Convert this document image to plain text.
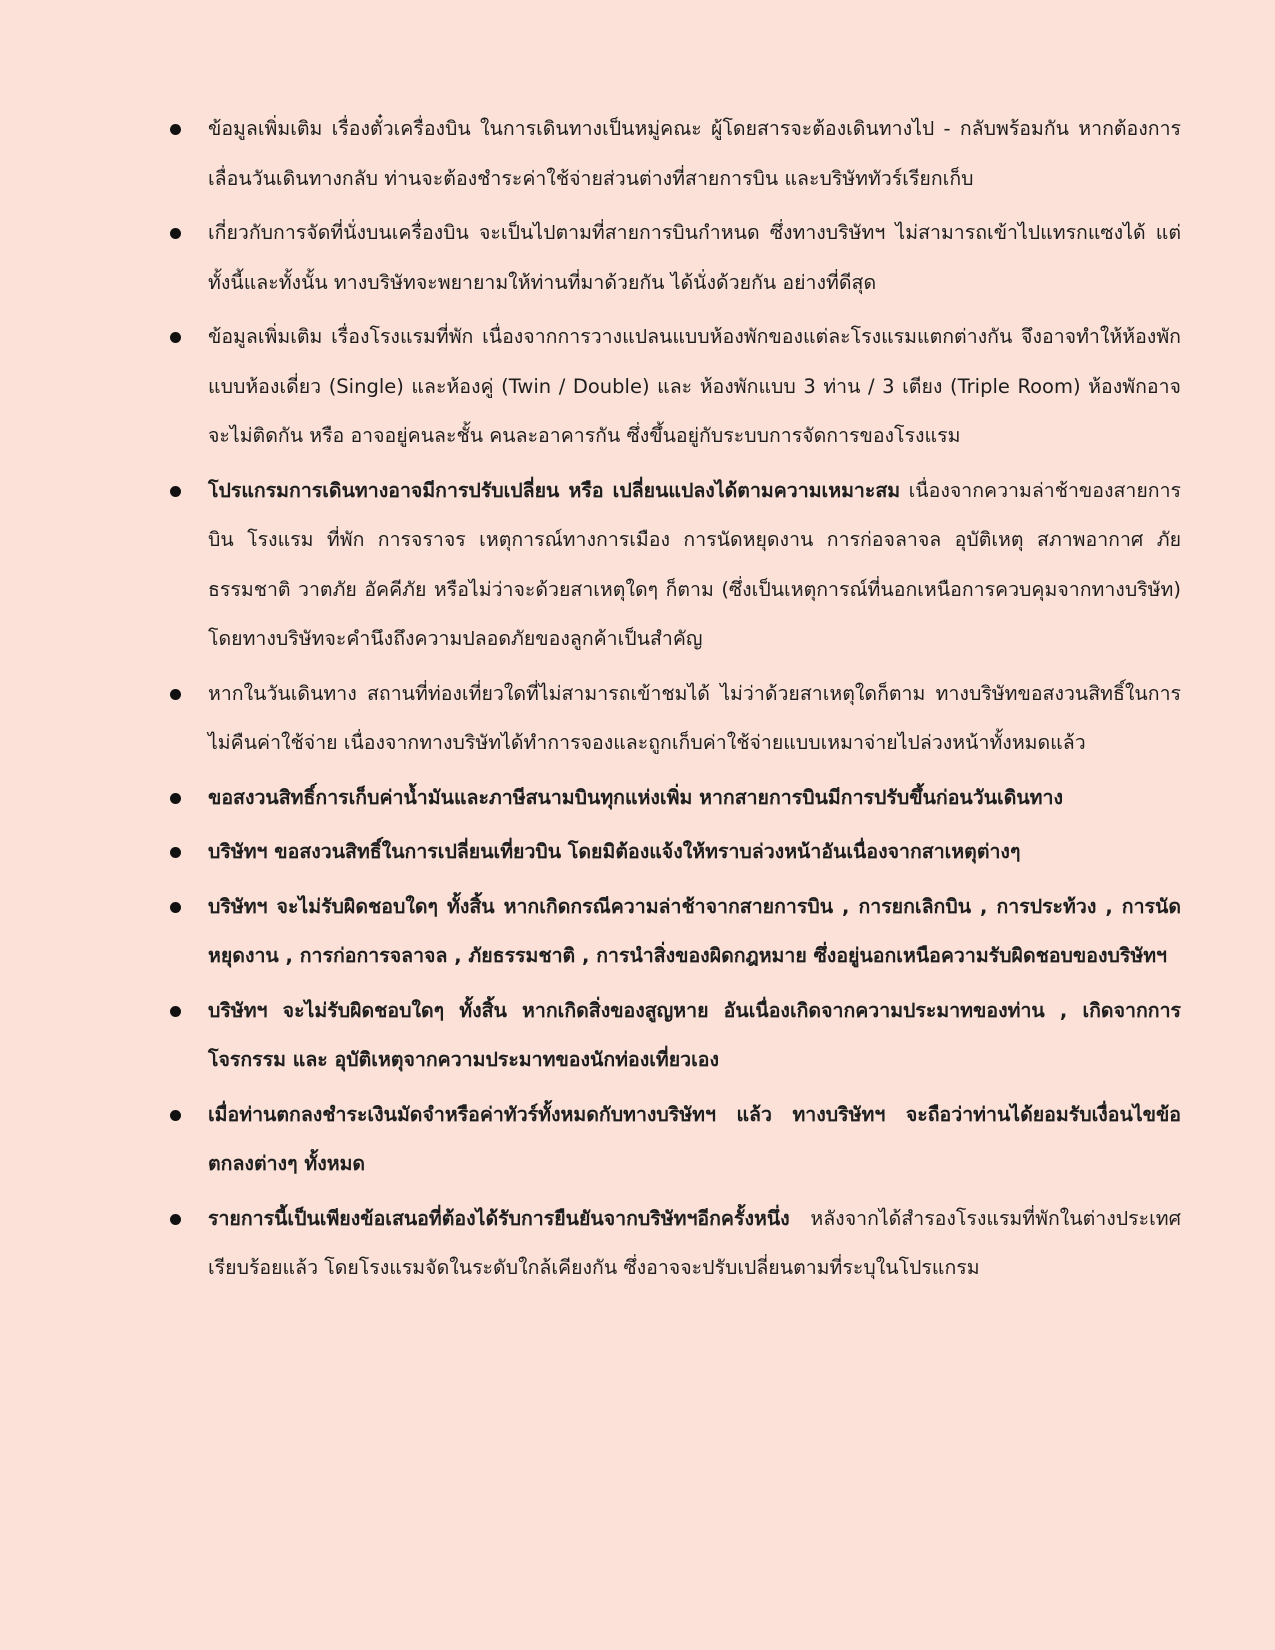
ข้อมูลเพิ่มเติม เรื่องตั๋วเครื่องบิน ในการเดินทางเป็นหมู่คณะ ผู้โดยสารจะต้องเดินทางไป - กลับพร้อมกัน หากต้องการเลื่อนวันเดินทางกลับ ท่านจะต้องชำระค่าใช้จ่ายส่วนต่างที่สายการบิน และบริษัททัวร์เรียกเก็บ
เกี่ยวกับการจัดที่นั่งบนเครื่องบิน จะเป็นไปตามที่สายการบินกำหนด ซึ่งทางบริษัทฯ ไม่สามารถเข้าไปแทรกแซงได้ แต่ทั้งนี้และทั้งนั้น ทางบริษัทจะพยายามให้ท่านที่มาด้วยกัน ได้นั่งด้วยกัน อย่างที่ดีสุด
ข้อมูลเพิ่มเติม เรื่องโรงแรมที่พัก เนื่องจากการวางแปลนแบบห้องพักของแต่ละโรงแรมแตกต่างกัน จึงอาจทำให้ห้องพักแบบห้องเดี่ยว (Single) และห้องคู่ (Twin / Double) และ ห้องพักแบบ 3 ท่าน / 3 เตียง (Triple Room) ห้องพักอาจจะไม่ติดกัน หรือ อาจอยู่คนละชั้น คนละอาคารกัน ซึ่งขึ้นอยู่กับระบบการจัดการของโรงแรม
โปรแกรมการเดินทางอาจมีการปรับเปลี่ยน หรือ เปลี่ยนแปลงได้ตามความเหมาะสม เนื่องจากความล่าช้าของสายการบิน โรงแรม ที่พัก การจราจร เหตุการณ์ทางการเมือง การนัดหยุดงาน การก่อจลาจล อุบัติเหตุ สภาพอากาศ ภัยธรรมชาติ วาตภัย อัคคีภัย หรือไม่ว่าจะด้วยสาเหตุใดๆ ก็ตาม (ซึ่งเป็นเหตุการณ์ที่นอกเหนือการควบคุมจากทางบริษัท) โดยทางบริษัทจะคำนึงถึงความปลอดภัยของลูกค้าเป็นสำคัญ
หากในวันเดินทาง สถานที่ท่องเที่ยวใดที่ไม่สามารถเข้าชมได้ ไม่ว่าด้วยสาเหตุใดก็ตาม ทางบริษัทขอสงวนสิทธิ์ในการไม่คืนค่าใช้จ่าย เนื่องจากทางบริษัทได้ทำการจองและถูกเก็บค่าใช้จ่ายแบบเหมาจ่ายไปล่วงหน้าทั้งหมดแล้ว
ขอสงวนสิทธิ์การเก็บค่าน้ำมันและภาษีสนามบินทุกแห่งเพิ่ม หากสายการบินมีการปรับขึ้นก่อนวันเดินทาง
บริษัทฯ ขอสงวนสิทธิ์ในการเปลี่ยนเที่ยวบิน โดยมิต้องแจ้งให้ทราบล่วงหน้าอันเนื่องจากสาเหตุต่างๆ
บริษัทฯ จะไม่รับผิดชอบใดๆ ทั้งสิ้น หากเกิดกรณีความล่าช้าจากสายการบิน , การยกเลิกบิน , การประท้วง , การนัดหยุดงาน , การก่อการจลาจล , ภัยธรรมชาติ , การนำสิ่งของผิดกฎหมาย ซึ่งอยู่นอกเหนือความรับผิดชอบของบริษัทฯ
บริษัทฯ จะไม่รับผิดชอบใดๆ ทั้งสิ้น หากเกิดสิ่งของสูญหาย อันเนื่องเกิดจากความประมาทของท่าน , เกิดจากการโจรกรรม และ อุบัติเหตุจากความประมาทของนักท่องเที่ยวเอง
เมื่อท่านตกลงชำระเงินมัดจำหรือค่าทัวร์ทั้งหมดกับทางบริษัทฯ แล้ว ทางบริษัทฯ จะถือว่าท่านได้ยอมรับเงื่อนไขข้อตกลงต่างๆ ทั้งหมด
รายการนี้เป็นเพียงข้อเสนอที่ต้องได้รับการยืนยันจากบริษัทฯอีกครั้งหนึ่ง หลังจากได้สำรองโรงแรมที่พักในต่างประเทศเรียบร้อยแล้ว โดยโรงแรมจัดในระดับใกล้เคียงกัน ซึ่งอาจจะปรับเปลี่ยนตามที่ระบุในโปรแกรม
